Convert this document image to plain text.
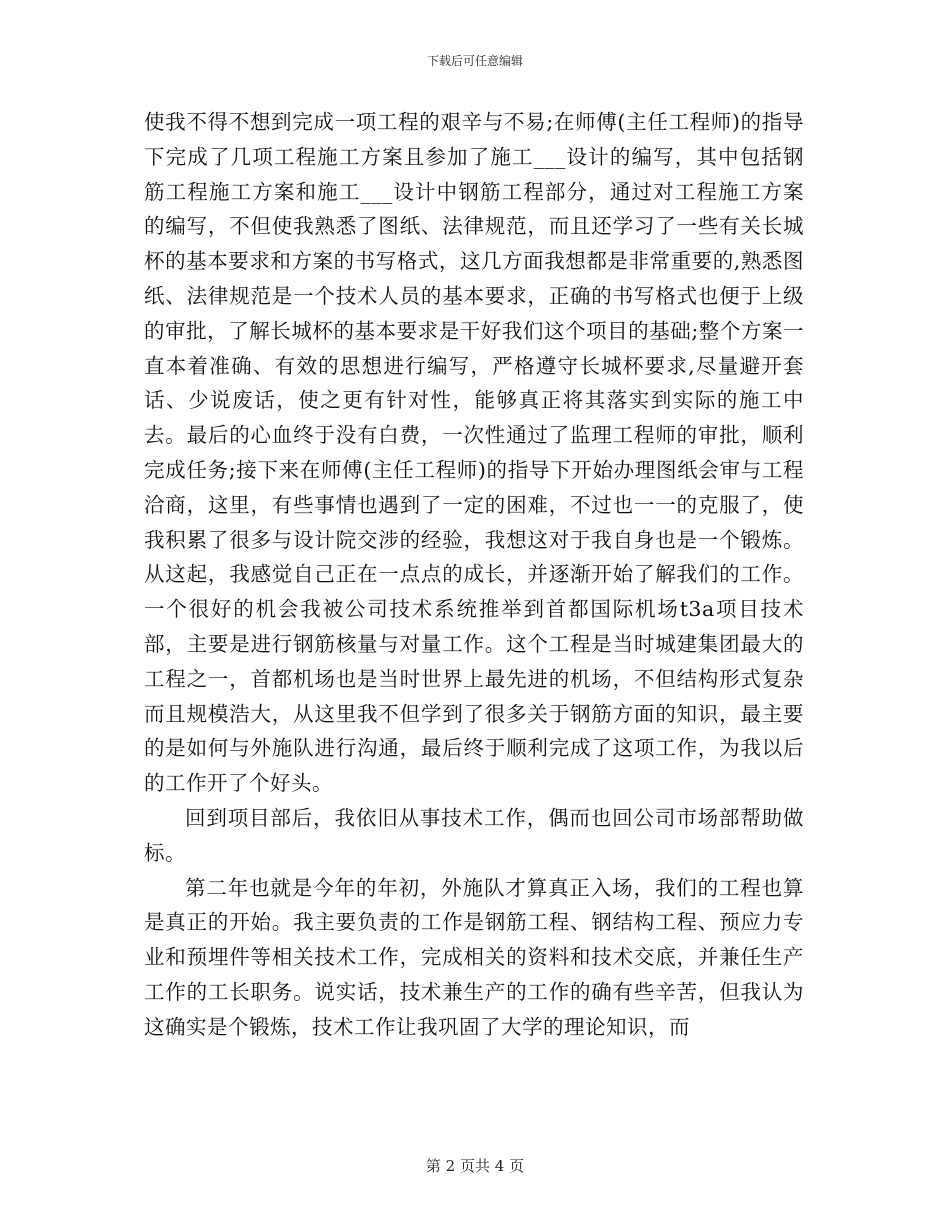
下载后可任意编辑

使我不得不想到完成一项工程的艰辛与不易;在师傅(主任工程师)的指导下完成了几项工程施工方案且参加了施工___设计的编写，其中包括钢筋工程施工方案和施工___设计中钢筋工程部分，通过对工程施工方案的编写，不但使我熟悉了图纸、法律规范，而且还学习了一些有关长城杯的基本要求和方案的书写格式，这几方面我想都是非常重要的,熟悉图纸、法律规范是一个技术人员的基本要求，正确的书写格式也便于上级的审批，了解长城杯的基本要求是干好我们这个项目的基础;整个方案一直本着准确、有效的思想进行编写，严格遵守长城杯要求,尽量避开套话、少说废话，使之更有针对性，能够真正将其落实到实际的施工中去。最后的心血终于没有白费，一次性通过了监理工程师的审批，顺利完成任务;接下来在师傅(主任工程师)的指导下开始办理图纸会审与工程洽商，这里，有些事情也遇到了一定的困难，不过也一一的克服了，使我积累了很多与设计院交涉的经验，我想这对于我自身也是一个锻炼。从这起，我感觉自己正在一点点的成长，并逐渐开始了解我们的工作。一个很好的机会我被公司技术系统推举到首都国际机场t3a项目技术部，主要是进行钢筋核量与对量工作。这个工程是当时城建集团最大的工程之一，首都机场也是当时世界上最先进的机场，不但结构形式复杂而且规模浩大，从这里我不但学到了很多关于钢筋方面的知识，最主要的是如何与外施队进行沟通，最后终于顺利完成了这项工作，为我以后的工作开了个好头。

回到项目部后，我依旧从事技术工作，偶而也回公司市场部帮助做标。

第二年也就是今年的年初，外施队才算真正入场，我们的工程也算是真正的开始。我主要负责的工作是钢筋工程、钢结构工程、预应力专业和预埋件等相关技术工作，完成相关的资料和技术交底，并兼任生产工作的工长职务。说实话，技术兼生产的工作的确有些辛苦，但我认为这确实是个锻炼，技术工作让我巩固了大学的理论知识，而

第 2 页共 4 页
